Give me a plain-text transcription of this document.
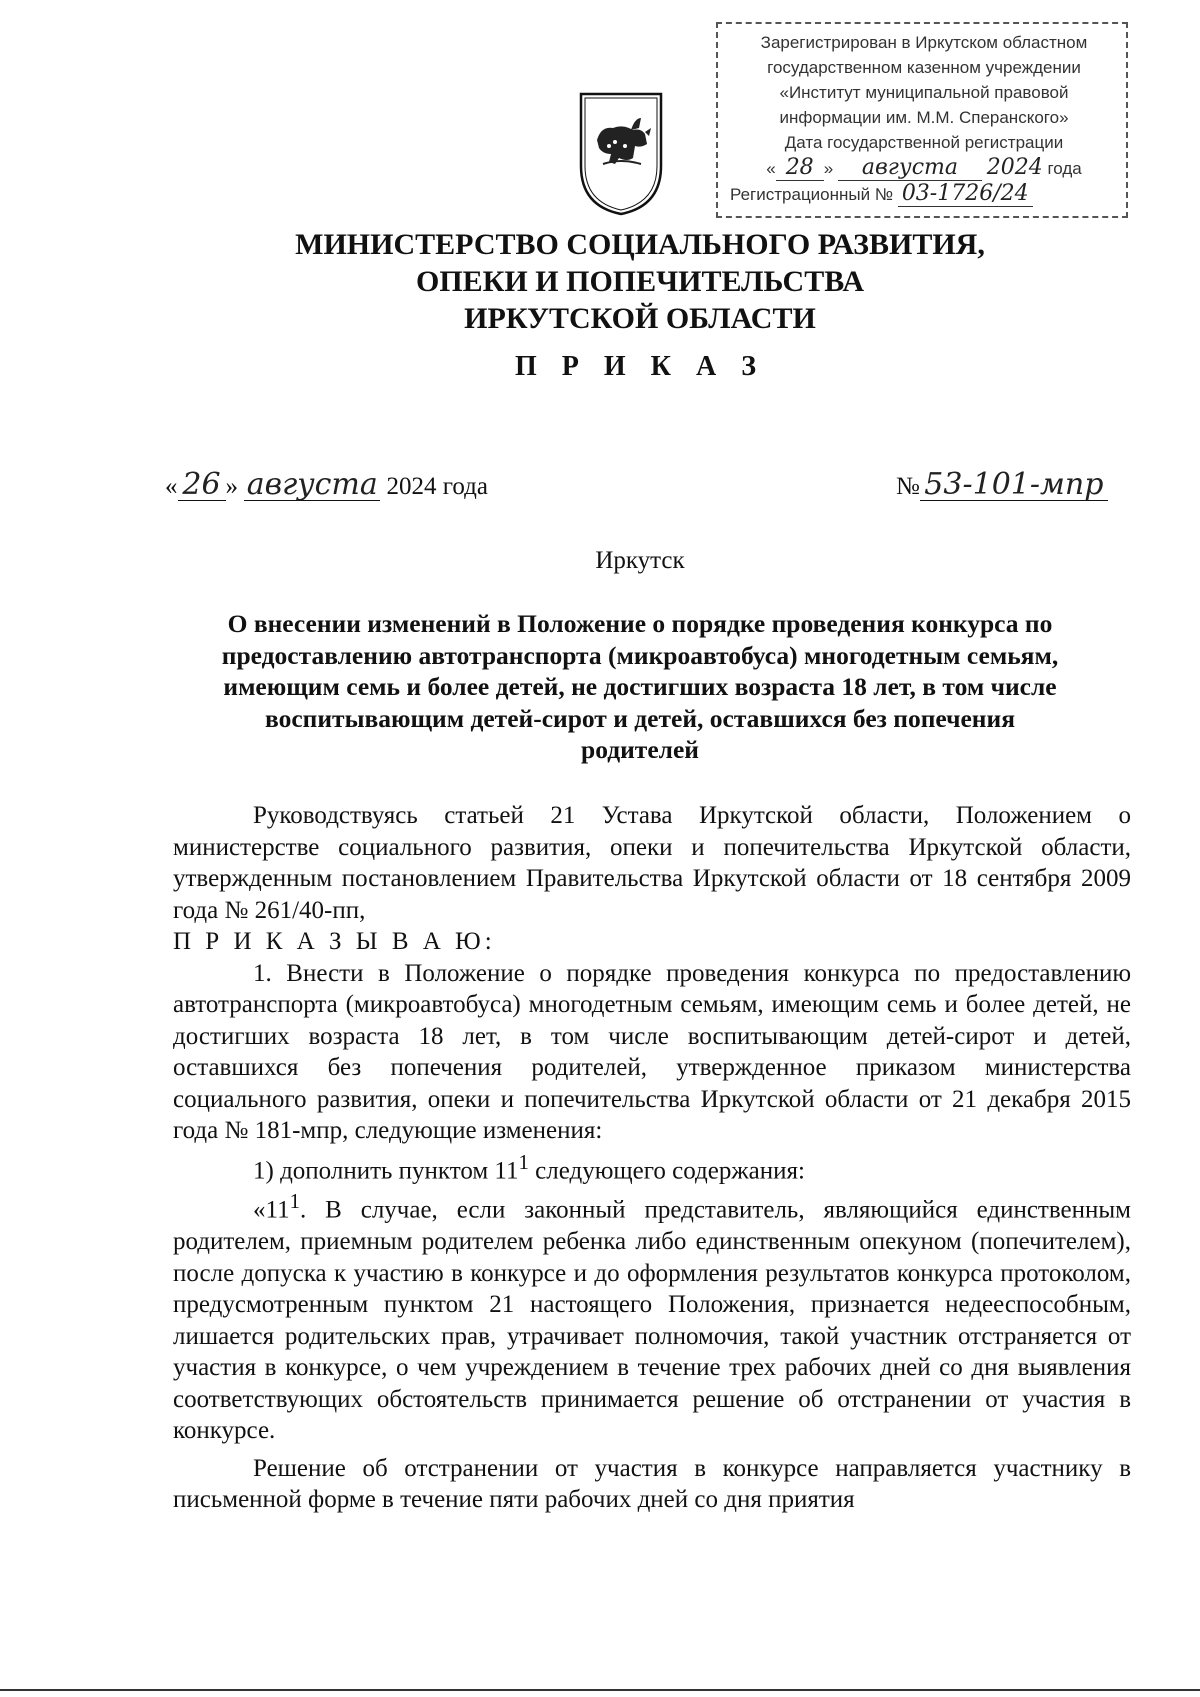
Зарегистрирован в Иркутском областном
государственном казенном учреждении
«Институт муниципальной правовой
информации им. М.М. Сперанского»
Дата государственной регистрации
« 28 » августа 2024 года
Регистрационный № 03-1726/24
МИНИСТЕРСТВО СОЦИАЛЬНОГО РАЗВИТИЯ,
ОПЕКИ И ПОПЕЧИТЕЛЬСТВА
ИРКУТСКОЙ ОБЛАСТИ
П Р И К А З
« 26 » августа 2024 года	№ 53-101-мпр
Иркутск
О внесении изменений в Положение о порядке проведения конкурса по
предоставлению автотранспорта (микроавтобуса) многодетным семьям,
имеющим семь и более детей, не достигших возраста 18 лет, в том числе
воспитывающим детей-сирот и детей, оставшихся без попечения
родителей

Руководствуясь статьей 21 Устава Иркутской области, Положением о министерстве социального развития, опеки и попечительства Иркутской области, утвержденным постановлением Правительства Иркутской области от 18 сентября 2009 года № 261/40-пп,

П Р И К А З Ы В А Ю:

1. Внести в Положение о порядке проведения конкурса по предоставлению автотранспорта (микроавтобуса) многодетным семьям, имеющим семь и более детей, не достигших возраста 18 лет, в том числе воспитывающим детей-сирот и детей, оставшихся без попечения родителей, утвержденное приказом министерства социального развития, опеки и попечительства Иркутской области от 21 декабря 2015 года № 181-мпр, следующие изменения:

1) дополнить пунктом $11^1$ следующего содержания:

«$11^1$. В случае, если законный представитель, являющийся единственным родителем, приемным родителем ребенка либо единственным опекуном (попечителем), после допуска к участию в конкурсе и до оформления результатов конкурса протоколом, предусмотренным пунктом 21 настоящего Положения, признается недееспособным, лишается родительских прав, утрачивает полномочия, такой участник отстраняется от участия в конкурсе, о чем учреждением в течение трех рабочих дней со дня выявления соответствующих обстоятельств принимается решение об отстранении от участия в конкурсе.

Решение об отстранении от участия в конкурсе направляется участнику в письменной форме в течение пяти рабочих дней со дня приятия
